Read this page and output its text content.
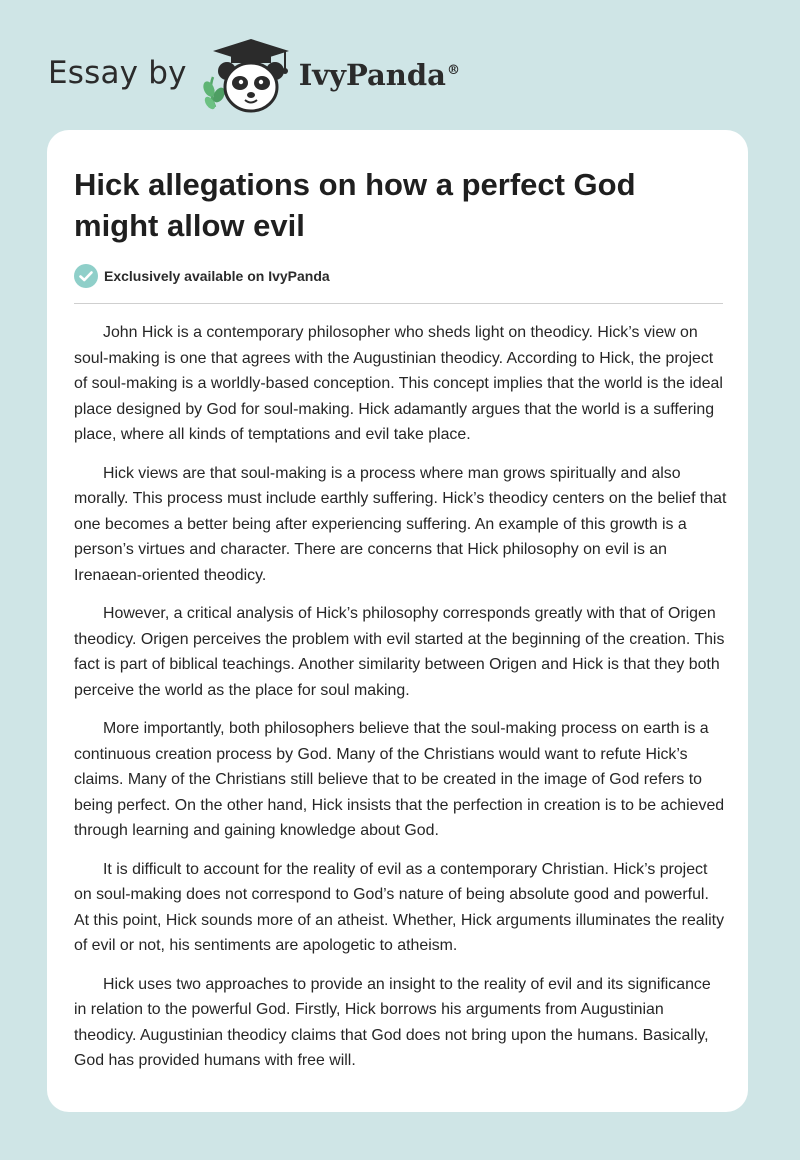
Essay by	IvyPanda®
Hick allegations on how a perfect God might allow evil
Exclusively available on IvyPanda

John Hick is a contemporary philosopher who sheds light on theodicy. Hick’s view on soul-making is one that agrees with the Augustinian theodicy. According to Hick, the project of soul-making is a worldly-based conception. This concept implies that the world is the ideal place designed by God for soul-making. Hick adamantly argues that the world is a suffering place, where all kinds of temptations and evil take place.

Hick views are that soul-making is a process where man grows spiritually and also morally. This process must include earthly suffering. Hick’s theodicy centers on the belief that one becomes a better being after experiencing suffering. An example of this growth is a person’s virtues and character. There are concerns that Hick philosophy on evil is an Irenaean-oriented theodicy.

However, a critical analysis of Hick’s philosophy corresponds greatly with that of Origen theodicy. Origen perceives the problem with evil started at the beginning of the creation. This fact is part of biblical teachings. Another similarity between Origen and Hick is that they both perceive the world as the place for soul making.

More importantly, both philosophers believe that the soul-making process on earth is a continuous creation process by God. Many of the Christians would want to refute Hick’s claims. Many of the Christians still believe that to be created in the image of God refers to being perfect. On the other hand, Hick insists that the perfection in creation is to be achieved through learning and gaining knowledge about God.

It is difficult to account for the reality of evil as a contemporary Christian. Hick’s project on soul-making does not correspond to God’s nature of being absolute good and powerful. At this point, Hick sounds more of an atheist. Whether, Hick arguments illuminates the reality of evil or not, his sentiments are apologetic to atheism.

Hick uses two approaches to provide an insight to the reality of evil and its significance in relation to the powerful God. Firstly, Hick borrows his arguments from Augustinian theodicy. Augustinian theodicy claims that God does not bring upon the humans. Basically, God has provided humans with free will.
